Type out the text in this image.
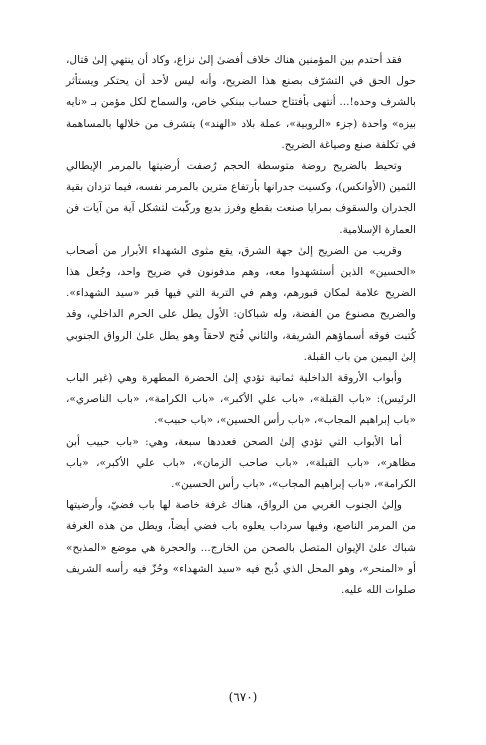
فقد أحتدم بين المؤمنين هناك خلاف أفضىٰ إلىٰ نزاع، وكاد أن ينتهي إلىٰ قتال، حول الحق في التشرّف بصنع هذا الضريح، وأنه ليس لأحد أن يحتكر ويستأثر بالشرف وحده!... أنتهى بأفتتاح حساب ببنكي خاص، والسماح لكل مؤمن بـ «نايه بيزه» واحدة (جزء «الروبية»، عملة بلاد «الهند») يتشرف من خلالها بالمساهمة في تكلفة صنع وصياغة الضريح.

وتحيط بالضريح روضة متوسطة الحجم رُصفت أرضيتها بالمرمر الإيطالي الثمين (الأوانكس)، وكسيت جدرانها بأرتفاع مترين بالمرمر نفسه، فيما تزدان بقية الجدران والسقوف بمرايا صنعت بقطع وفرز بديع وركّبت لتشكل آية من آيات فن العمارة الإسلامية.

وقريب من الضريح إلىٰ جهة الشرق، يقع مثوى الشهداء الأبرار من أصحاب «الحسين» الذين أستشهدوا معه، وهم مدفونون في ضريح واحد، وجُعل هذا الضريح علامة لمكان قبورهم، وهم في التربة التي فيها قبر «سيد الشهداء». والضريح مصنوع من الفضة، وله شباكان: الأول يطل على الحرم الداخلي، وقد كُتبت فوقه أسماؤهم الشريفة، والثاني فُتح لاحقاً وهو يطل علىٰ الرواق الجنوبي إلىٰ اليمين من باب القبلة.

وأبواب الأروقة الداخلية ثمانية تؤدي إلىٰ الحضرة المطهرة وهي (غير الباب الرئيس): «باب القبلة»، «باب علي الأكبر»، «باب الكرامة»، «باب الناصري»، «باب إبراهيم المجاب»، «باب رأس الحسين»، «باب حبيب».

أما الأبواب التي تؤدي إلىٰ الصحن فعددها سبعة، وهي: «باب حبيب أبن مظاهر»، «باب القبلة»، «باب صاحب الزمان»، «باب علي الأكبر»، «باب الكرامة»، «باب إبراهيم المجاب»، «باب رأس الحسين».

وإلىٰ الجنوب الغربي من الرواق، هناك غرفة خاصة لها باب فضيّ، وأرضيتها من المرمر الناصع، وفيها سرداب يعلوه باب فضي أيضاً، ويطل من هذه الغرفة شباك علىٰ الإيوان المتصل بالصحن من الخارج... والحجرة هي موضع «المذبح» أو «المنحر»، وهو المحل الذي ذُبح فيه «سيد الشهداء» وحُزّ فيه رأسه الشريف صلوات الله عليه.

(٦٧٠)
